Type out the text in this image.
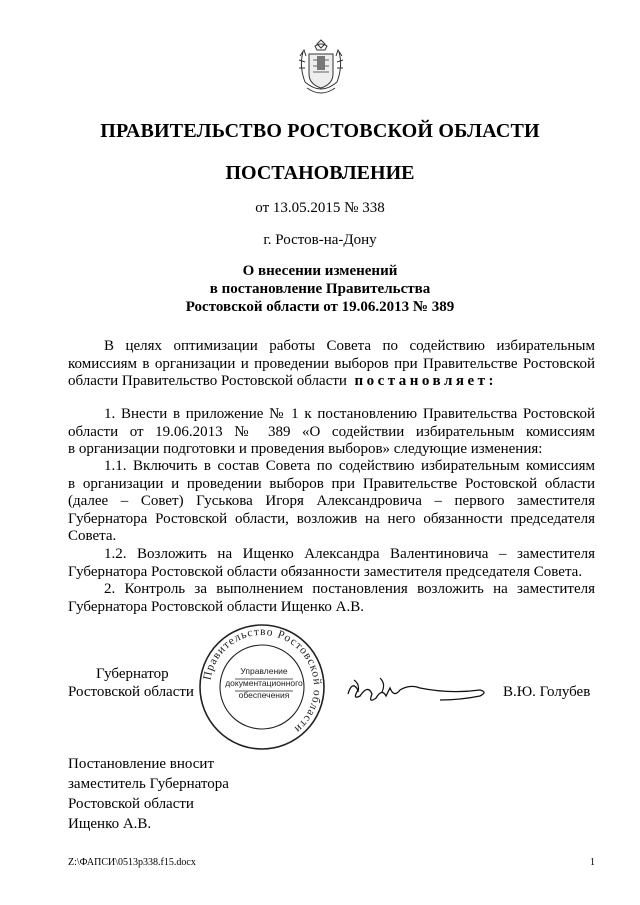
ПРАВИТЕЛЬСТВО РОСТОВСКОЙ ОБЛАСТИ
ПОСТАНОВЛЕНИЕ
от 13.05.2015 № 338
г. Ростов-на-Дону
О внесении изменений
в постановление Правительства
Ростовской области от 19.06.2013 № 389
В целях оптимизации работы Совета по содействию избирательным
комиссиям в организации и проведении выборов при Правительстве Ростовской
области Правительство Ростовской области постановляет:
1. Внести в приложение № 1 к постановлению Правительства Ростовской
области от 19.06.2013 № 389 «О содействии избирательным комиссиям
в организации подготовки и проведения выборов» следующие изменения:
1.1. Включить в состав Совета по содействию избирательным комиссиям
в организации и проведении выборов при Правительстве Ростовской области
(далее – Совет) Гуськова Игоря Александровича – первого заместителя
Губернатора Ростовской области, возложив на него обязанности председателя
Совета.
1.2. Возложить на Ищенко Александра Валентиновича – заместителя
Губернатора Ростовской области обязанности заместителя председателя Совета.
2. Контроль за выполнением постановления возложить на заместителя
Губернатора Ростовской области Ищенко А.В.
Губернатор
Ростовской области
Правительство Ростовской области
Управление
документационного
обеспечения	В.Ю. Голубев
Постановление вносит
заместитель Губернатора
Ростовской области
Ищенко А.В.
Z:\ФАПСИ\0513p338.f15.docx	1
